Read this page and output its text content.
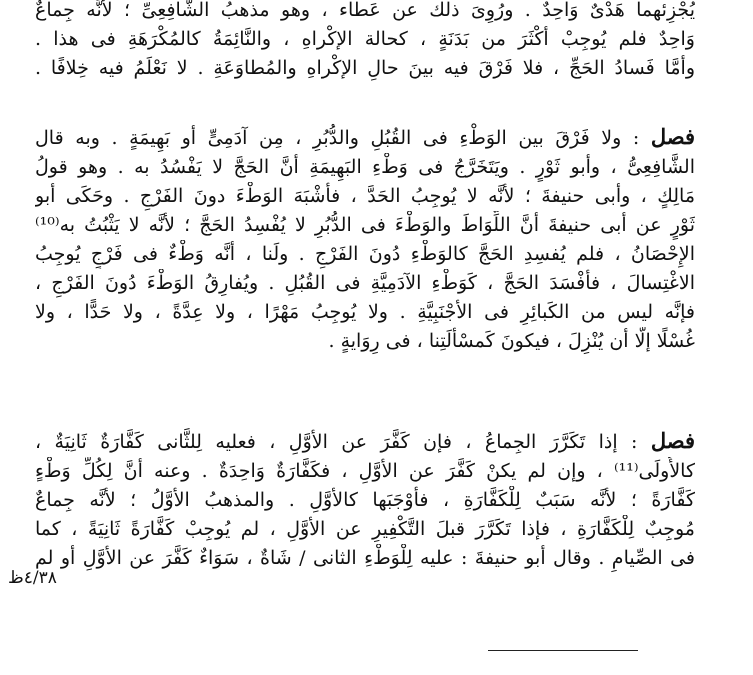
يُجْزِئهما هَدْىٌ وَاحِدٌ . ورُوِىَ ذلك عن عَطاء ، وهو مذهبُ الشَّافِعِىِّ ؛ لأنَّه جِماعٌ
وَاحِدٌ فلم يُوجِبْ أكْثَرَ من بَدَنَةٍ ، كحالة الإكْراهِ ، والنَّائِمَةُ كالمُكْرَهَةِ فى هذا .
وأمَّا فَسادُ الحَجِّ ، فلا فَرْقَ فيه بينَ حالِ الإكْراهِ والمُطاوَعَةِ . لا نَعْلَمُ فيه خِلافًا .
فصل : ولا فَرْقَ بين الوَطْءِ فى القُبُلِ والدُّبُرِ ، مِن آدَمِىٍّ أو بَهِيمَةٍ . وبه قال
الشَّافِعِىُّ ، وأبو ثَوْرٍ . ويَتَخَرَّجُ فى وَطْءِ البَهِيمَةِ أنَّ الحَجَّ لا يَفْسُدُ به . وهو قولُ
مَالِكٍ ، وأبى حنيفةَ ؛ لأنَّه لا يُوجِبُ الحَدَّ ، فأشْبَهَ الوَطْءَ دونَ الفَرْجِ . وحَكَى أبو
ثَوْرٍ عن أبى حنيفةَ أنَّ اللِّوَاطَ والوَطْءَ فى الدُّبُرِ لا يُفْسِدُ الحَجَّ ؛ لأنَّه لا يَثْبُتُ به⁽¹⁰⁾
الإِحْصَانُ ، فلم يُفسِدِ الحَجَّ كالوَطْءِ دُونَ الفَرْجِ . ولَنا ، أنَّه وَطْءٌ فى فَرْجٍ يُوجِبُ
الاغْتِسالَ ، فأفْسَدَ الحَجَّ ، كَوَطْءِ الآدَمِيَّةِ فى القُبُلِ . ويُفارِقُ الوَطْءَ دُونَ الفَرْجِ ،
فإنَّه ليس من الكَبائِرِ فى الأجْنَبِيَّةِ . ولا يُوجِبُ مَهْرًا ، ولا عِدَّةً ، ولا حَدًّا ، ولا
غُسْلًا إلَّا أن يُنْزِلَ ، فيكونَ كَمسْأَلَتِنا ، فى رِوَايةٍ .
فصل : إذا تَكَرَّرَ الجِماعُ ، فإن كَفَّرَ عن الأوَّلِ ، فعليه لِلثَّانى كَفَّارَةٌ ثَانِيَةٌ ،
كالأُولَى⁽¹¹⁾ ، وإن لم يكنْ كَفَّرَ عن الأوَّلِ ، فكَفَّارَةٌ وَاحِدَةٌ . وعنه أنَّ لِكُلِّ وَطْءٍ
كَفَّارَةً ؛ لأنَّه سَبَبٌ لِلْكَفَّارَةِ ، فأوْجَبَها كالأوَّلِ . والمذهبُ الأوَّلُ ؛ لأنَّه جِماعٌ
مُوجِبٌ لِلْكَفَّارَةِ ، فإذا تَكَرَّرَ قبلَ التَّكْفِيرِ عن الأوَّلِ ، لم يُوجِبْ كَفَّارَةً ثَانِيَةً ، كما
فى الصِّيامِ . وقال أبو حنيفةَ : عليه لِلْوَطْءِ الثانى / شَاةٌ ، سَوَاءٌ كَفَّرَ عن الأوَّلِ أو لم
٤/٣٨ظ
